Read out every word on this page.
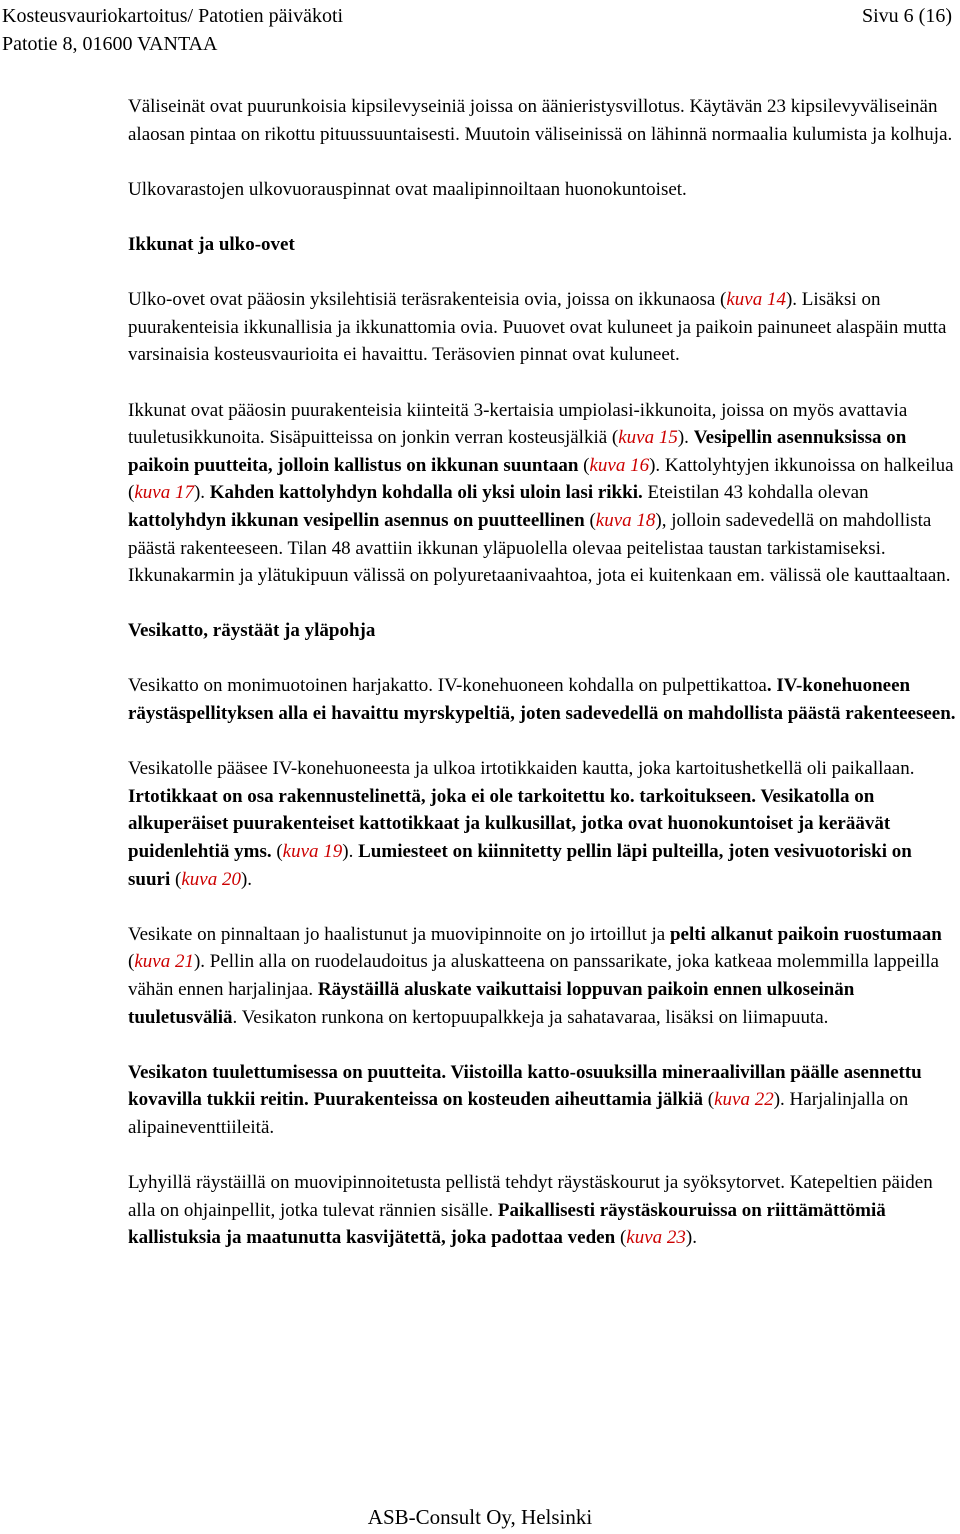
Kosteusvauriokartoitus/ Patotien päiväkoti
Patotie 8, 01600 VANTAA
Sivu 6 (16)

Väliseinät ovat puurunkoisia kipsilevyseiniä joissa on äänieristysvillotus. Käytävän 23 kipsilevyväliseinän alaosan pintaa on rikottu pituussuuntaisesti. Muutoin väliseinissä on lähinnä normaalia kulumista ja kolhuja.

Ulkovarastojen ulkovuorauspinnat ovat maalipinnoiltaan huonokuntoiset.

Ikkunat ja ulko-ovet

Ulko-ovet ovat pääosin yksilehtisiä teräsrakenteisia ovia, joissa on ikkunaosa (kuva 14). Lisäksi on puurakenteisia ikkunallisia ja ikkunattomia ovia. Puuovet ovat kuluneet ja paikoin painuneet alaspäin mutta varsinaisia kosteusvaurioita ei havaittu. Teräsovien pinnat ovat kuluneet.

Ikkunat ovat pääosin puurakenteisia kiinteitä 3-kertaisia umpiolasi-ikkunoita, joissa on myös avattavia tuuletusikkunoita. Sisäpuitteissa on jonkin verran kosteusjälkiä (kuva 15). Vesipellin asennuksissa on paikoin puutteita, jolloin kallistus on ikkunan suuntaan (kuva 16). Kattolyhtyjen ikkunoissa on halkeilua (kuva 17). Kahden kattolyhdyn kohdalla oli yksi uloin lasi rikki. Eteistilan 43 kohdalla olevan kattolyhdyn ikkunan vesipellin asennus on puutteellinen (kuva 18), jolloin sadevedellä on mahdollista päästä rakenteeseen. Tilan 48 avattiin ikkunan yläpuolella olevaa peitelistaa taustan tarkistamiseksi. Ikkunakarmin ja ylätukipuun välissä on polyuretaanivaahtoa, jota ei kuitenkaan em. välissä ole kauttaaltaan.

Vesikatto, räystäät ja yläpohja

Vesikatto on monimuotoinen harjakatto. IV-konehuoneen kohdalla on pulpettikattoa. IV-konehuoneen räystäspellityksen alla ei havaittu myrskypeltiä, joten sadevedellä on mahdollista päästä rakenteeseen.

Vesikatolle pääsee IV-konehuoneesta ja ulkoa irtotikkaiden kautta, joka kartoitushetkellä oli paikallaan. Irtotikkaat on osa rakennustelinettä, joka ei ole tarkoitettu ko. tarkoitukseen. Vesikatolla on alkuperäiset puurakenteiset kattotikkaat ja kulkusillat, jotka ovat huonokuntoiset ja keräävät puidenlehtiä yms. (kuva 19). Lumiesteet on kiinnitetty pellin läpi pulteilla, joten vesivuotoriski on suuri (kuva 20).

Vesikate on pinnaltaan jo haalistunut ja muovipinnoite on jo irtoillut ja pelti alkanut paikoin ruostumaan (kuva 21). Pellin alla on ruodelaudoitus ja aluskatteena on panssarikate, joka katkeaa molemmilla lappeilla vähän ennen harjalinjaa. Räystäillä aluskate vaikuttaisi loppuvan paikoin ennen ulkoseinän tuuletusväliä. Vesikaton runkona on kertopuupalkkeja ja sahatavaraa, lisäksi on liimapuuta.

Vesikaton tuulettumisessa on puutteita. Viistoilla katto-osuuksilla mineraalivillan päälle asennettu kovavilla tukkii reitin. Puurakenteissa on kosteuden aiheuttamia jälkiä (kuva 22). Harjalinjalla on alipaineventtiileitä.

Lyhyillä räystäillä on muovipinnoitetusta pellistä tehdyt räystäskourut ja syöksytorvet. Katepeltien päiden alla on ohjainpellit, jotka tulevat rännien sisälle. Paikallisesti räystäskouruissa on riittämättömiä kallistuksia ja maatunutta kasvijätettä, joka padottaa veden (kuva 23).

ASB-Consult Oy, Helsinki
